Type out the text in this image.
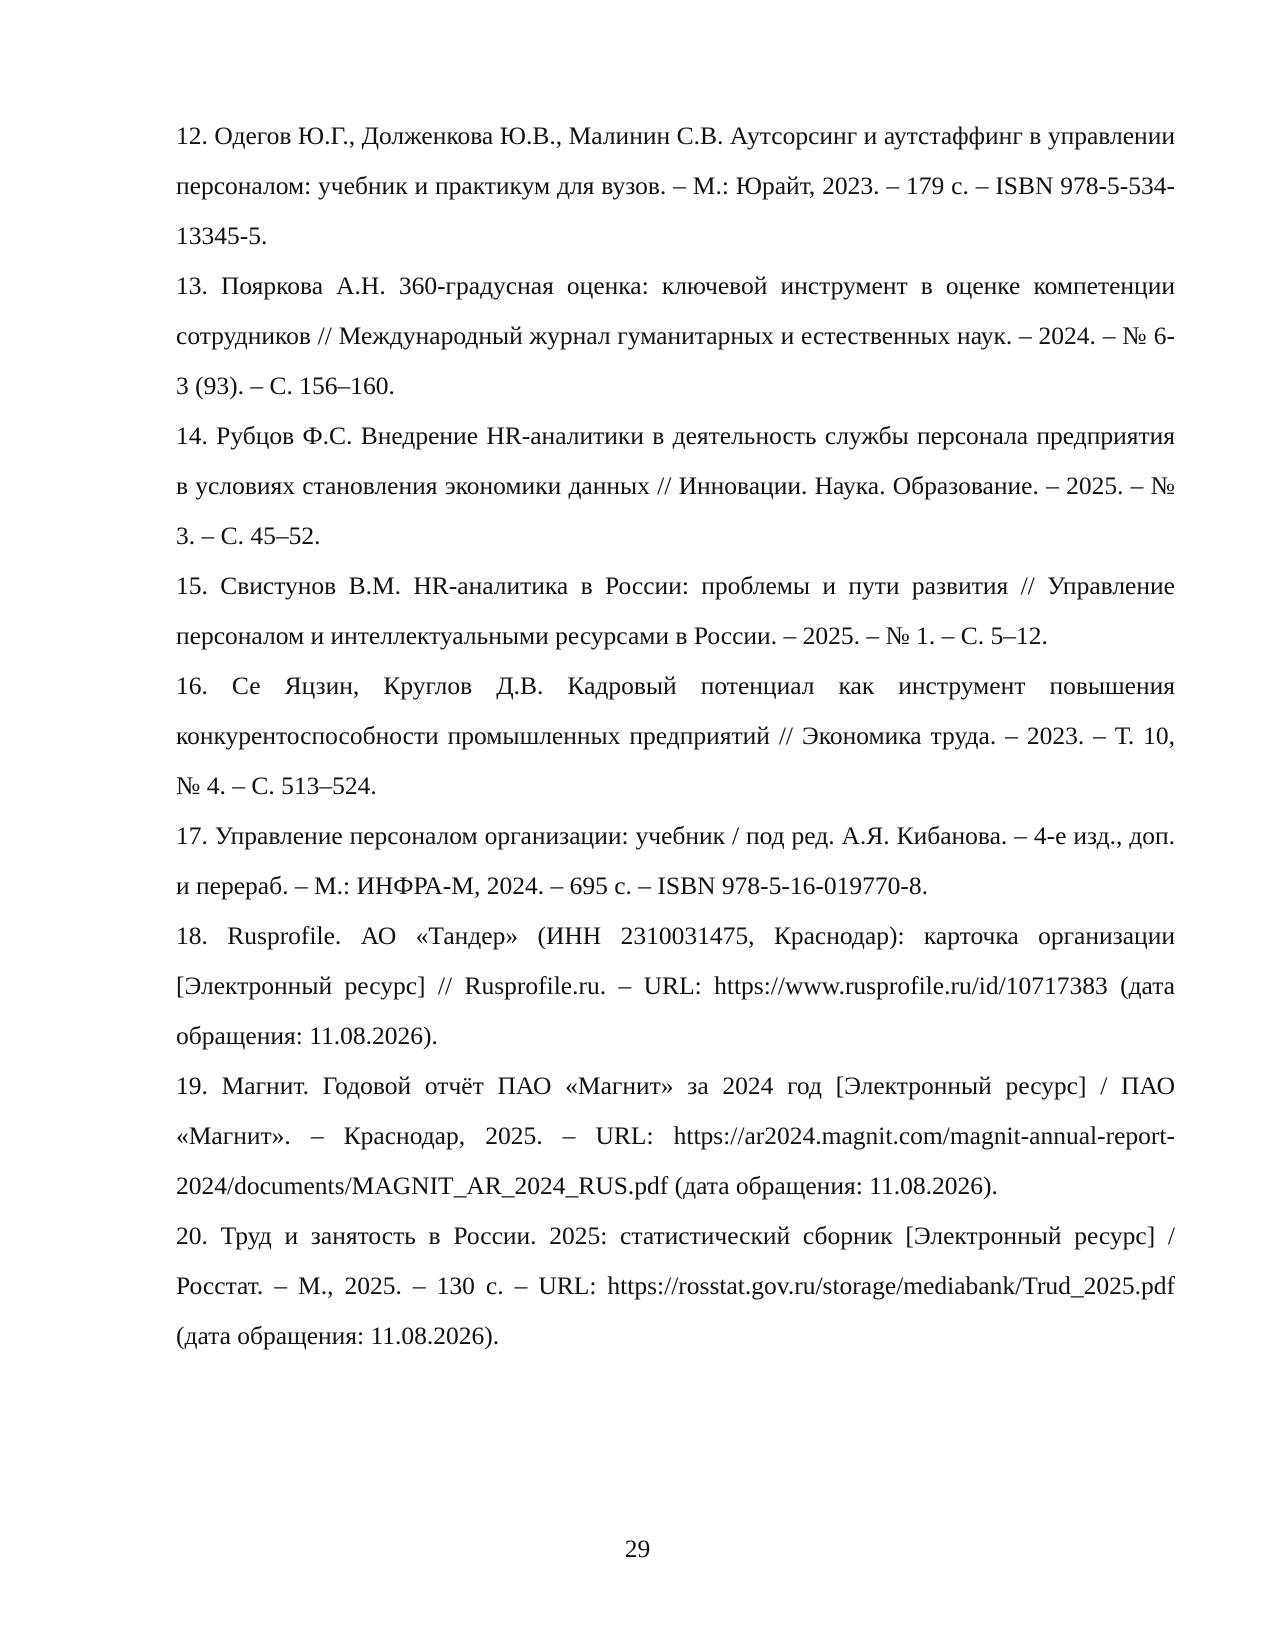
12. Одегов Ю.Г., Долженкова Ю.В., Малинин С.В. Аутсорсинг и аутстаффинг в управлении персоналом: учебник и практикум для вузов. – М.: Юрайт, 2023. – 179 с. – ISBN 978-5-534-13345-5.

13. Пояркова А.Н. 360-градусная оценка: ключевой инструмент в оценке компетенции сотрудников // Международный журнал гуманитарных и естественных наук. – 2024. – № 6-3 (93). – С. 156–160.

14. Рубцов Ф.С. Внедрение HR-аналитики в деятельность службы персонала предприятия в условиях становления экономики данных // Инновации. Наука. Образование. – 2025. – № 3. – С. 45–52.

15. Свистунов В.М. HR-аналитика в России: проблемы и пути развития // Управление персоналом и интеллектуальными ресурсами в России. – 2025. – № 1. – С. 5–12.

16. Се Яцзин, Круглов Д.В. Кадровый потенциал как инструмент повышения конкурентоспособности промышленных предприятий // Экономика труда. – 2023. – Т. 10, № 4. – С. 513–524.

17. Управление персоналом организации: учебник / под ред. А.Я. Кибанова. – 4-е изд., доп. и перераб. – М.: ИНФРА-М, 2024. – 695 с. – ISBN 978-5-16-019770-8.

18. Rusprofile. АО «Тандер» (ИНН 2310031475, Краснодар): карточка организации [Электронный ресурс] // Rusprofile.ru. – URL: https://www.rusprofile.ru/id/10717383 (дата обращения: 11.08.2026).

19. Магнит. Годовой отчёт ПАО «Магнит» за 2024 год [Электронный ресурс] / ПАО «Магнит». – Краснодар, 2025. – URL: https://ar2024.magnit.com/magnit-annual-report-2024/documents/MAGNIT_AR_2024_RUS.pdf (дата обращения: 11.08.2026).

20. Труд и занятость в России. 2025: статистический сборник [Электронный ресурс] / Росстат. – М., 2025. – 130 с. – URL: https://rosstat.gov.ru/storage/mediabank/Trud_2025.pdf (дата обращения: 11.08.2026).

29
